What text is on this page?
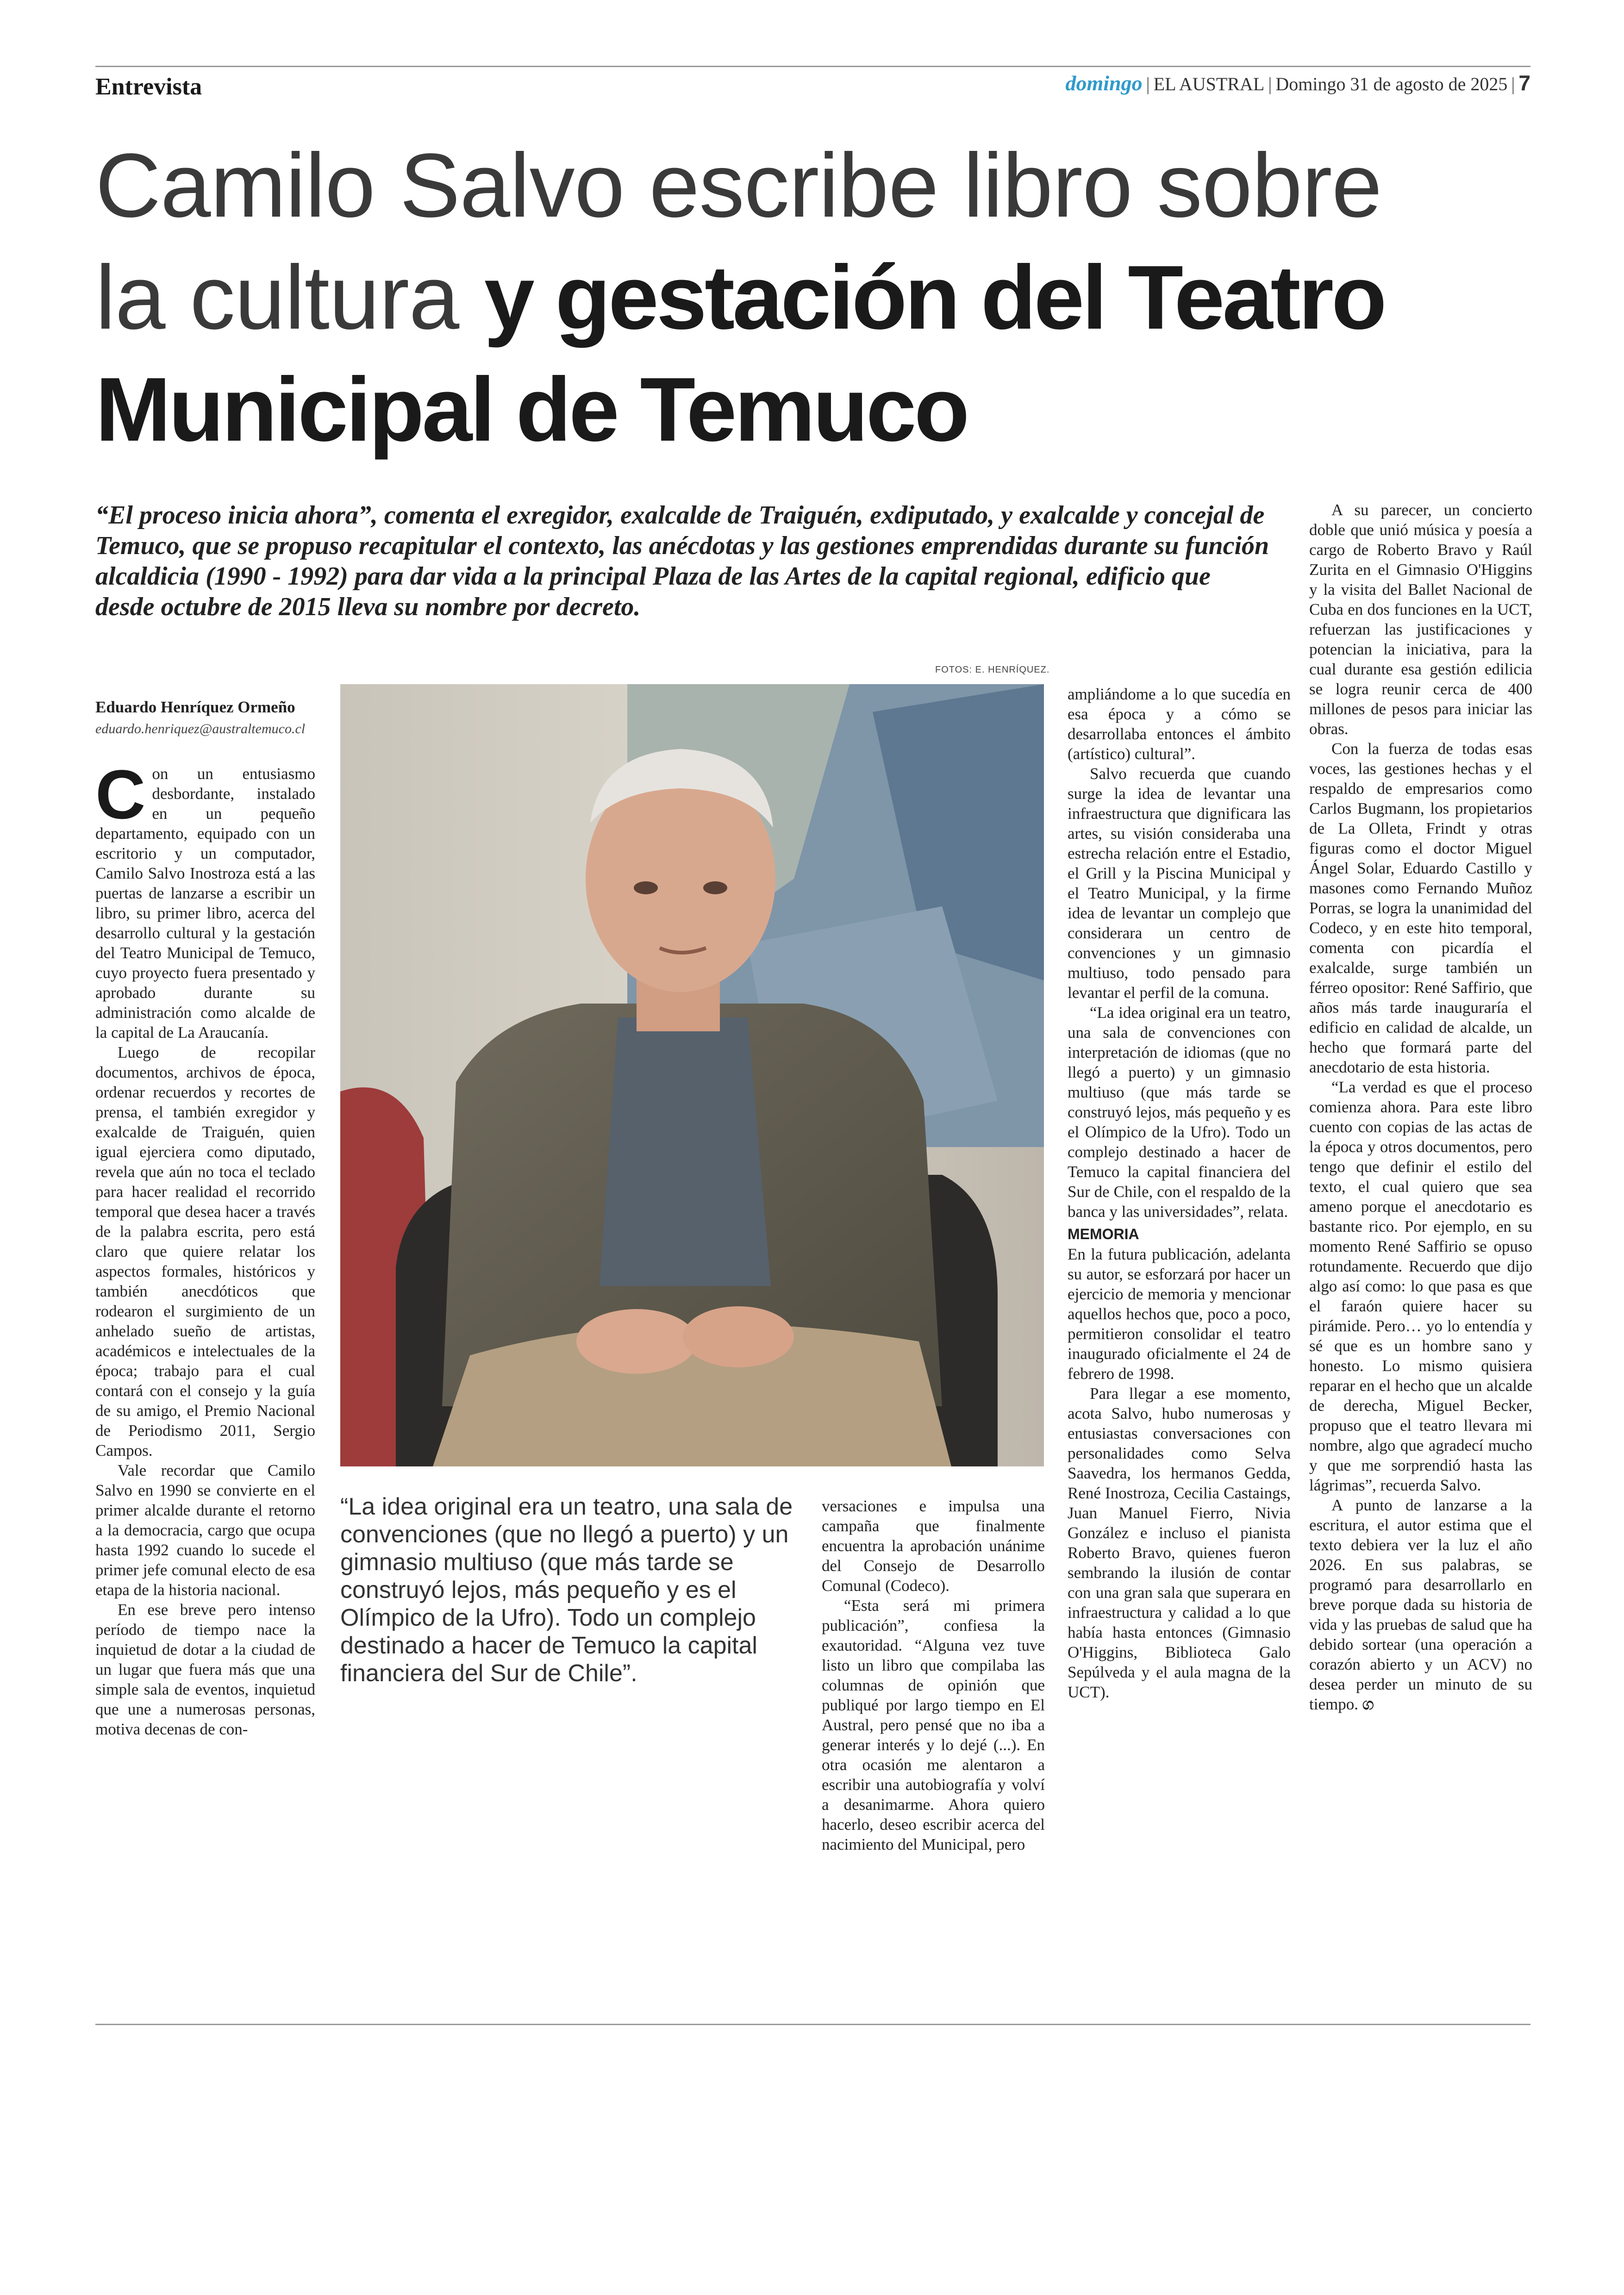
Entrevista	domingo | EL AUSTRAL | Domingo 31 de agosto de 2025 | 7
Camilo Salvo escribe libro sobre
la cultura y gestación del Teatro
Municipal de Temuco
“El proceso inicia ahora”, comenta el exregidor, exalcalde de Traiguén, exdiputado, y exalcalde y concejal de Temuco, que se propuso recapitular el contexto, las anécdotas y las gestiones emprendidas durante su función alcaldicia (1990 - 1992) para dar vida a la principal Plaza de las Artes de la capital regional, edificio que desde octubre de 2015 lleva su nombre por decreto.
Eduardo Henríquez Ormeño
eduardo.henriquez@australtemuco.cl
C on un entusiasmo desbordante, instalado en un pequeño departamento, equipado con un escritorio y un computador, Camilo Salvo Inostroza está a las puertas de lanzarse a escribir un libro, su primer libro, acerca del desarrollo cultural y la gestación del Teatro Municipal de Temuco, cuyo proyecto fuera presentado y aprobado durante su administración como alcalde de la capital de La Araucanía.

Luego de recopilar documentos, archivos de época, ordenar recuerdos y recortes de prensa, el también exregidor y exalcalde de Traiguén, quien igual ejerciera como diputado, revela que aún no toca el teclado para hacer realidad el recorrido temporal que desea hacer a través de la palabra escrita, pero está claro que quiere relatar los aspectos formales, históricos y también anecdóticos que rodearon el surgimiento de un anhelado sueño de artistas, académicos e intelectuales de la época; trabajo para el cual contará con el consejo y la guía de su amigo, el Premio Nacional de Periodismo 2011, Sergio Campos.

Vale recordar que Camilo Salvo en 1990 se convierte en el primer alcalde durante el retorno a la democracia, cargo que ocupa hasta 1992 cuando lo sucede el primer jefe comunal electo de esa etapa de la historia nacional.

En ese breve pero intenso período de tiempo nace la inquietud de dotar a la ciudad de un lugar que fuera más que una simple sala de eventos, inquietud que une a numerosas personas, motiva decenas de con-

FOTOS: E. HENRÍQUEZ.
“La idea original era un teatro, una sala de convenciones (que no llegó a puerto) y un gimnasio multiuso (que más tarde se construyó lejos, más pequeño y es el Olímpico de la Ufro). Todo un complejo destinado a hacer de Temuco la capital financiera del Sur de Chile”.

versaciones e impulsa una campaña que finalmente encuentra la aprobación unánime del Consejo de Desarrollo Comunal (Codeco).

“Esta será mi primera publicación”, confiesa la exautoridad. “Alguna vez tuve listo un libro que compilaba las columnas de opinión que publiqué por largo tiempo en El Austral, pero pensé que no iba a generar interés y lo dejé (...). En otra ocasión me alentaron a escribir una autobiografía y volví a desanimarme. Ahora quiero hacerlo, deseo escribir acerca del nacimiento del Municipal, pero

ampliándome a lo que sucedía en esa época y a cómo se desarrollaba entonces el ámbito (artístico) cultural”.

Salvo recuerda que cuando surge la idea de levantar una infraestructura que dignificara las artes, su visión consideraba una estrecha relación entre el Estadio, el Grill y la Piscina Municipal y el Teatro Municipal, y la firme idea de levantar un complejo que considerara un centro de convenciones y un gimnasio multiuso, todo pensado para levantar el perfil de la comuna.

“La idea original era un teatro, una sala de convenciones con interpretación de idiomas (que no llegó a puerto) y un gimnasio multiuso (que más tarde se construyó lejos, más pequeño y es el Olímpico de la Ufro). Todo un complejo destinado a hacer de Temuco la capital financiera del Sur de Chile, con el respaldo de la banca y las universidades”, relata.

MEMORIA

En la futura publicación, adelanta su autor, se esforzará por hacer un ejercicio de memoria y mencionar aquellos hechos que, poco a poco, permitieron consolidar el teatro inaugurado oficialmente el 24 de febrero de 1998.

Para llegar a ese momento, acota Salvo, hubo numerosas y entusiastas conversaciones con personalidades como Selva Saavedra, los hermanos Gedda, René Inostroza, Cecilia Castaings, Juan Manuel Fierro, Nivia González e incluso el pianista Roberto Bravo, quienes fueron sembrando la ilusión de contar con una gran sala que superara en infraestructura y calidad a lo que había hasta entonces (Gimnasio O'Higgins, Biblioteca Galo Sepúlveda y el aula magna de la UCT).

A su parecer, un concierto doble que unió música y poesía a cargo de Roberto Bravo y Raúl Zurita en el Gimnasio O'Higgins y la visita del Ballet Nacional de Cuba en dos funciones en la UCT, refuerzan las justificaciones y potencian la iniciativa, para la cual durante esa gestión edilicia se logra reunir cerca de 400 millones de pesos para iniciar las obras.

Con la fuerza de todas esas voces, las gestiones hechas y el respaldo de empresarios como Carlos Bugmann, los propietarios de La Olleta, Frindt y otras figuras como el doctor Miguel Ángel Solar, Eduardo Castillo y masones como Fernando Muñoz Porras, se logra la unanimidad del Codeco, y en este hito temporal, comenta con picardía el exalcalde, surge también un férreo opositor: René Saffirio, que años más tarde inauguraría el edificio en calidad de alcalde, un hecho que formará parte del anecdotario de esta historia.

“La verdad es que el proceso comienza ahora. Para este libro cuento con copias de las actas de la época y otros documentos, pero tengo que definir el estilo del texto, el cual quiero que sea ameno porque el anecdotario es bastante rico. Por ejemplo, en su momento René Saffirio se opuso rotundamente. Recuerdo que dijo algo así como: lo que pasa es que el faraón quiere hacer su pirámide. Pero… yo lo entendía y sé que es un hombre sano y honesto. Lo mismo quisiera reparar en el hecho que un alcalde de derecha, Miguel Becker, propuso que el teatro llevara mi nombre, algo que agradecí mucho y que me sorprendió hasta las lágrimas”, recuerda Salvo.

A punto de lanzarse a la escritura, el autor estima que el texto debiera ver la luz el año 2026. En sus palabras, se programó para desarrollarlo en breve porque dada su historia de vida y las pruebas de salud que ha debido sortear (una operación a corazón abierto y un ACV) no desea perder un minuto de su tiempo. ග
